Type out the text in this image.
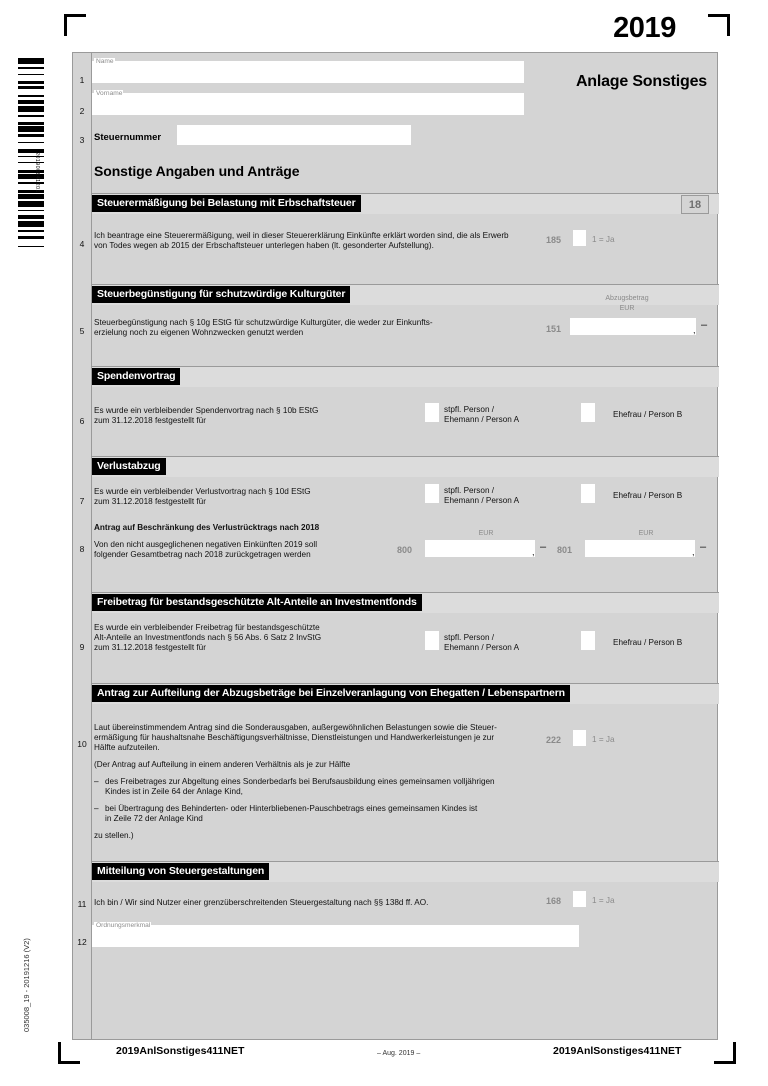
2019
201900841201
035008_19 - 20191216 (V2)
1
2
3
4
5
6
7
8
9
10
11
12
Name
Vorname
Steuernummer
Anlage Sonstiges
Sonstige Angaben und Anträge
Steuerermäßigung bei Belastung mit Erbschaftsteuer	18
Ich beantrage eine Steuerermäßigung, weil in dieser Steuererklärung Einkünfte erklärt worden sind, die als Erwerb
von Todes wegen ab 2015 der Erbschaftsteuer unterlegen haben (lt. gesonderter Aufstellung).
185	1 = Ja
Steuerbegünstigung für schutzwürdige Kulturgüter
Steuerbegünstigung nach § 10g EStG für schutzwürdige Kulturgüter, die weder zur Einkunfts-
erzielung noch zu eigenen Wohnzwecken genutzt werden
Abzugsbetrag
EUR
151	, –
Spendenvortrag
Es wurde ein verbleibender Spendenvortrag nach § 10b EStG
zum 31.12.2018 festgestellt für
stpfl. Person /
Ehemann / Person A
Ehefrau / Person B
Verlustabzug
Es wurde ein verbleibender Verlustvortrag nach § 10d EStG
zum 31.12.2018 festgestellt für
stpfl. Person /
Ehemann / Person A
Ehefrau / Person B
Antrag auf Beschränkung des Verlustrücktrags nach 2018
Von den nicht ausgeglichenen negativen Einkünften 2019 soll
folgender Gesamtbetrag nach 2018 zurückgetragen werden
EUR
800	, –
EUR
801	, –
Freibetrag für bestandsgeschützte Alt-Anteile an Investmentfonds
Es wurde ein verbleibender Freibetrag für bestandsgeschützte
Alt-Anteile an Investmentfonds nach § 56 Abs. 6 Satz 2 InvStG
zum 31.12.2018 festgestellt für
stpfl. Person /
Ehemann / Person A
Ehefrau / Person B
Antrag zur Aufteilung der Abzugsbeträge bei Einzelveranlagung von Ehegatten / Lebenspartnern
Laut übereinstimmendem Antrag sind die Sonderausgaben, außergewöhnlichen Belastungen sowie die Steuer-
ermäßigung für haushaltsnahe Beschäftigungsverhältnisse, Dienstleistungen und Handwerkerleistungen je zur
Hälfte aufzuteilen.
(Der Antrag auf Aufteilung in einem anderen Verhältnis als je zur Hälfte
– des Freibetrages zur Abgeltung eines Sonderbedarfs bei Berufsausbildung eines gemeinsamen volljährigen
Kindes ist in Zeile 64 der Anlage Kind,
– bei Übertragung des Behinderten- oder Hinterbliebenen-Pauschbetrags eines gemeinsamen Kindes ist
in Zeile 72 der Anlage Kind
zu stellen.)
222	1 = Ja
Mitteilung von Steuergestaltungen
Ich bin / Wir sind Nutzer einer grenzüberschreitenden Steuergestaltung nach §§ 138d ff. AO.	168	1 = Ja
Ordnungsmerkmal
2019AnlSonstiges411NET	– Aug. 2019 –	2019AnlSonstiges411NET
